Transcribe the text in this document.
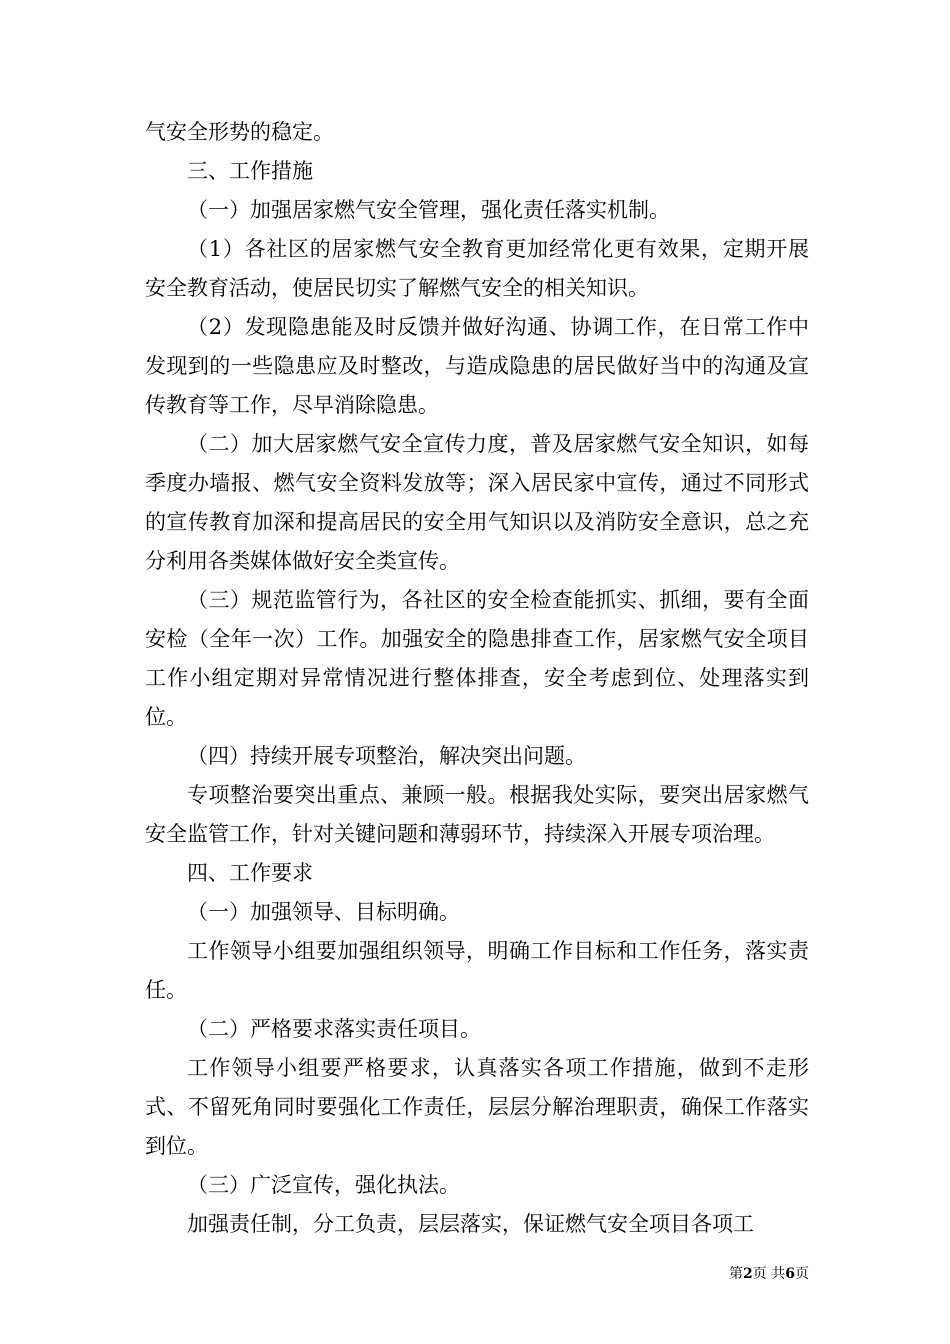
气安全形势的稳定。

三、工作措施

（一）加强居家燃气安全管理，强化责任落实机制。

（1）各社区的居家燃气安全教育更加经常化更有效果，定期开展安全教育活动，使居民切实了解燃气安全的相关知识。

（2）发现隐患能及时反馈并做好沟通、协调工作，在日常工作中发现到的一些隐患应及时整改，与造成隐患的居民做好当中的沟通及宣传教育等工作，尽早消除隐患。

（二）加大居家燃气安全宣传力度，普及居家燃气安全知识，如每季度办墙报、燃气安全资料发放等；深入居民家中宣传，通过不同形式的宣传教育加深和提高居民的安全用气知识以及消防安全意识，总之充分利用各类媒体做好安全类宣传。

（三）规范监管行为，各社区的安全检查能抓实、抓细，要有全面安检（全年一次）工作。加强安全的隐患排查工作，居家燃气安全项目工作小组定期对异常情况进行整体排查，安全考虑到位、处理落实到位。

（四）持续开展专项整治，解决突出问题。

专项整治要突出重点、兼顾一般。根据我处实际，要突出居家燃气安全监管工作，针对关键问题和薄弱环节，持续深入开展专项治理。

四、工作要求

（一）加强领导、目标明确。

工作领导小组要加强组织领导，明确工作目标和工作任务，落实责任。

（二）严格要求落实责任项目。

工作领导小组要严格要求，认真落实各项工作措施，做到不走形式、不留死角同时要强化工作责任，层层分解治理职责，确保工作落实到位。

（三）广泛宣传，强化执法。

加强责任制，分工负责，层层落实，保证燃气安全项目各项工

第2页 共6页
